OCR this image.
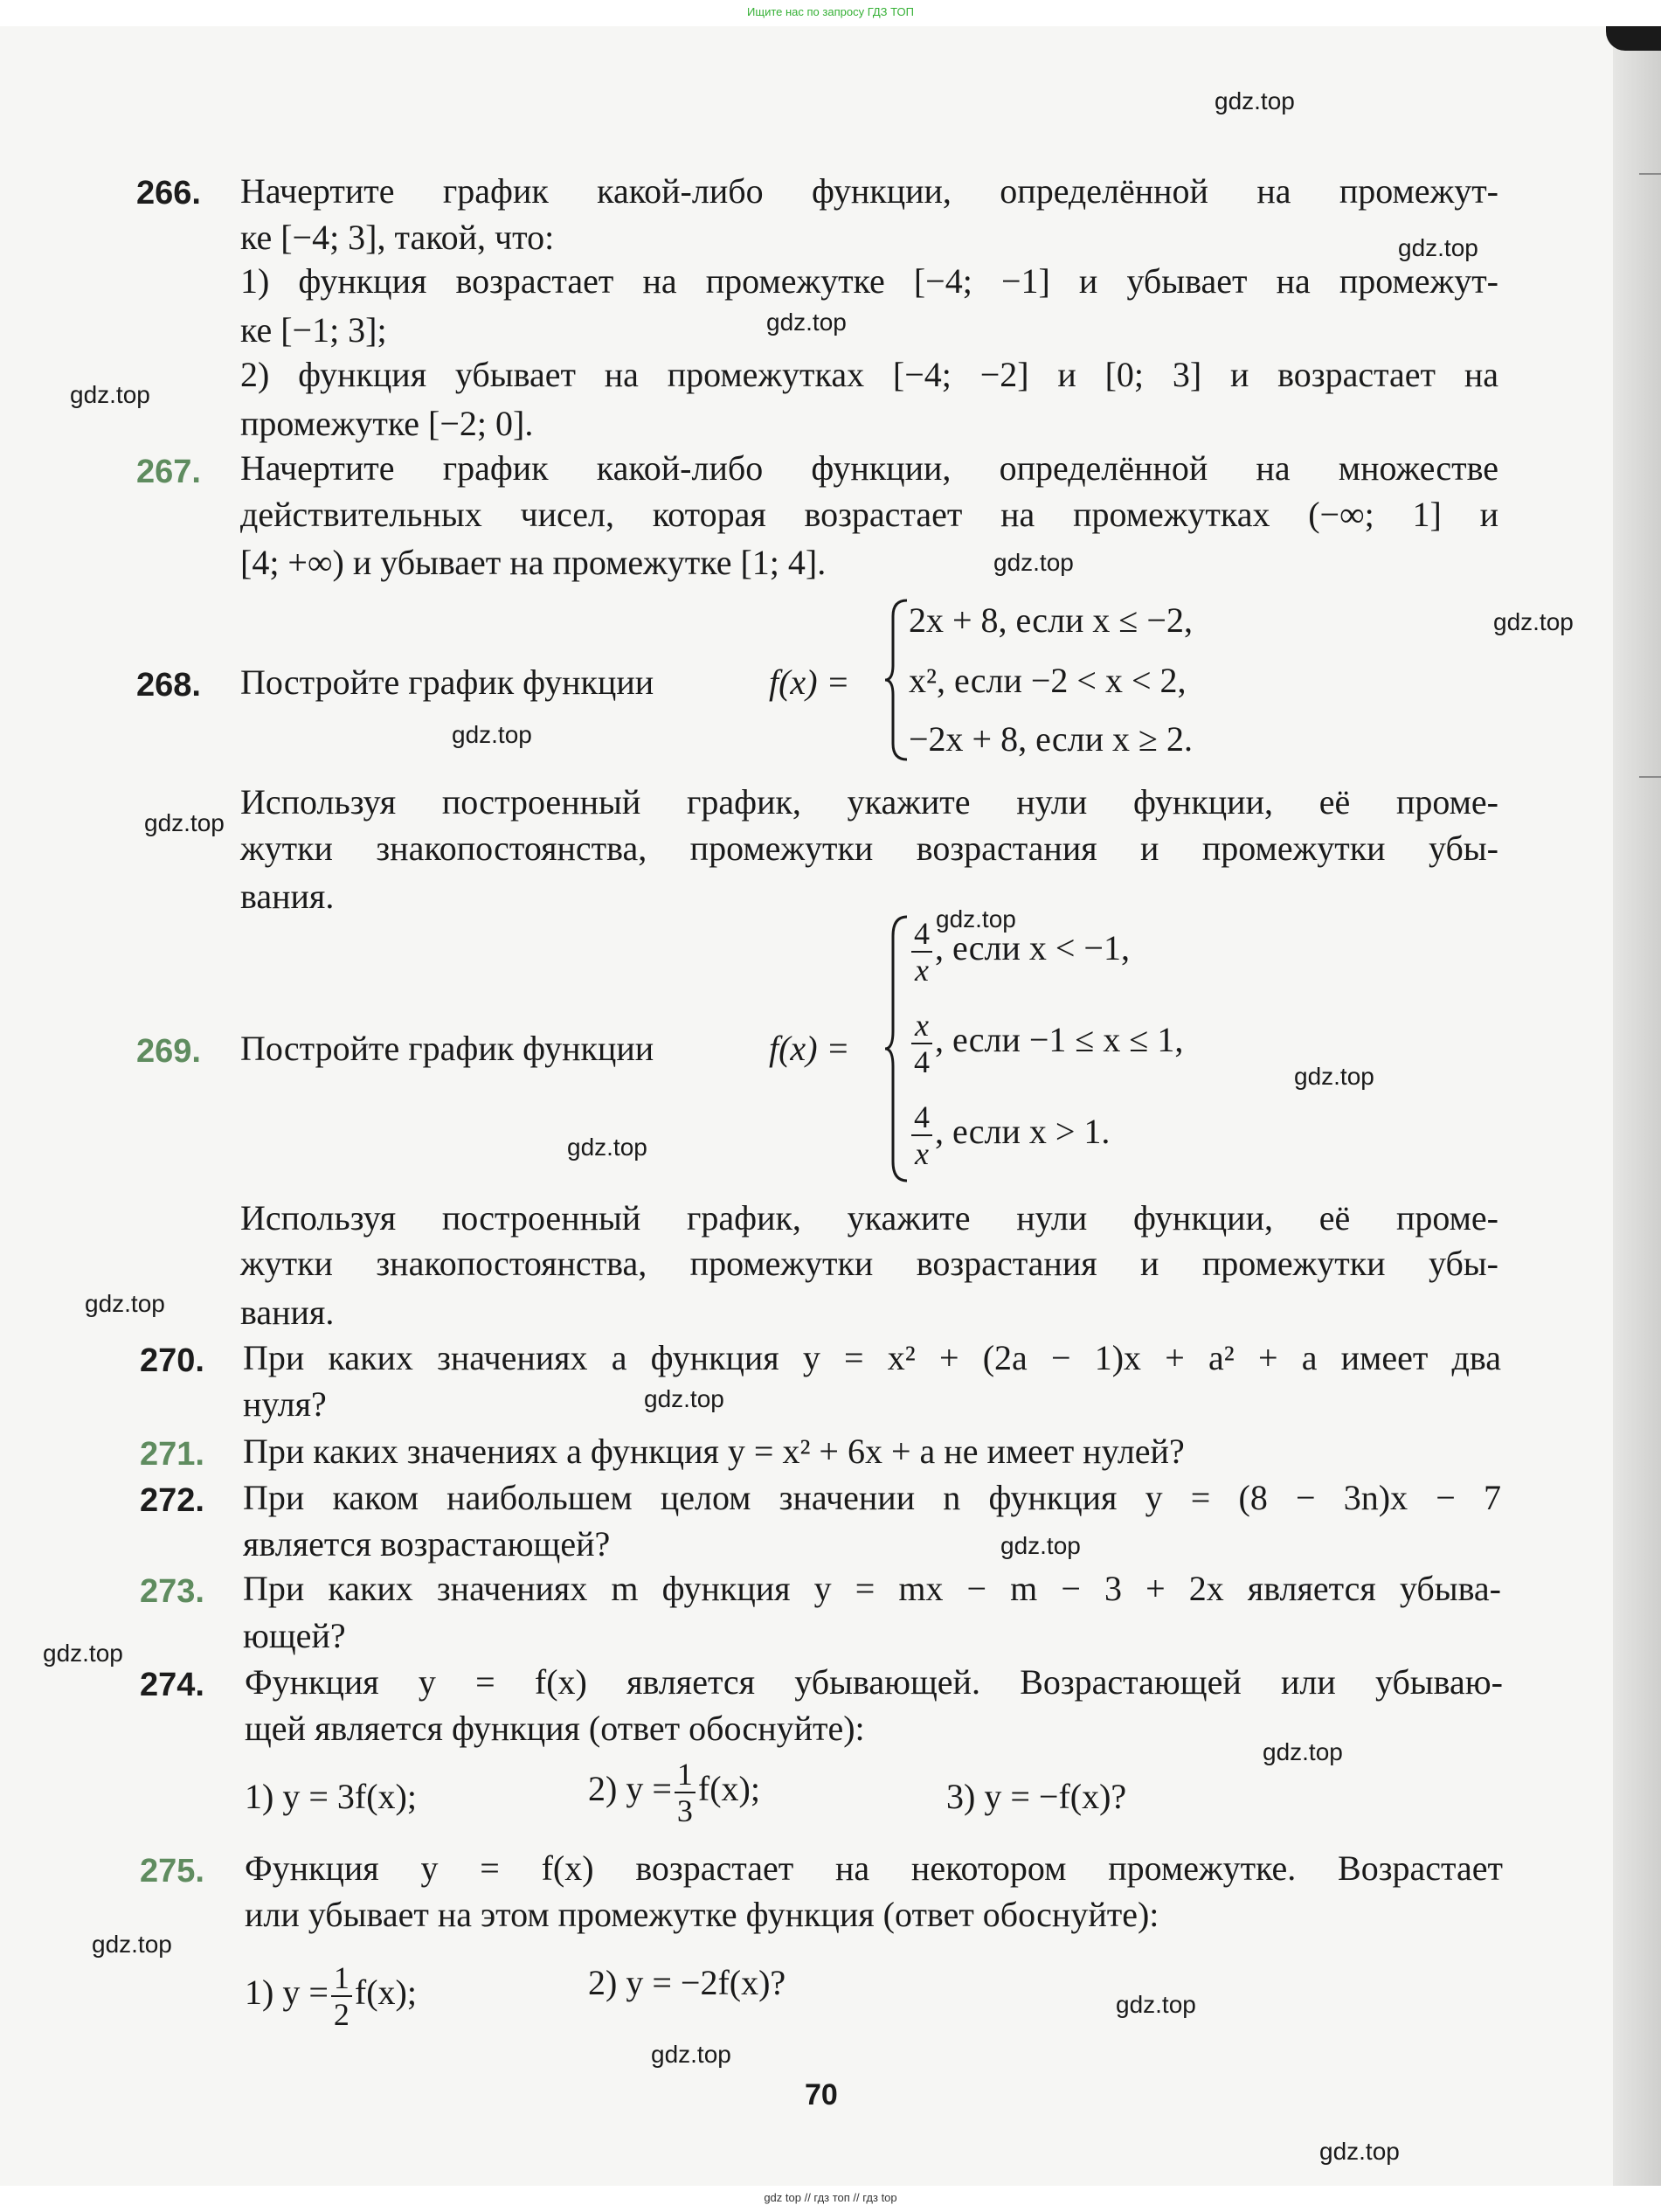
Ищите нас по запросу ГДЗ ТОП
gdz.top
gdz.top
gdz.top
gdz.top
gdz.top
gdz.top
gdz.top
gdz.top
gdz.top
gdz.top
gdz.top
gdz.top
gdz.top
gdz.top
gdz.top
gdz.top
gdz.top
gdz.top
gdz.top
gdz.top
266. Начертите график какой-либо функции, определённой на промежут-
ке [−4; 3], такой, что:
1) функция возрастает на промежутке [−4; −1] и убывает на промежут-
ке [−1; 3];
2) функция убывает на промежутках [−4; −2] и [0; 3] и возрастает на
промежутке [−2; 0].
267. Начертите график какой-либо функции, определённой на множестве
действительных чисел, которая возрастает на промежутках (−∞; 1] и
[4; +∞) и убывает на промежутке [1; 4].
268. Постройте график функции	f(x) =
2x + 8, если x ≤ −2,
x², если −2 < x < 2,
−2x + 8, если x ≥ 2.
Используя построенный график, укажите нули функции, её проме-
жутки знакопостоянства, промежутки возрастания и промежутки убы-
вания.
269. Постройте график функции	f(x) =
$\frac{4}{x}$ , если x < −1,
$\frac{x}{4}$ , если −1 ≤ x ≤ 1,
$\frac{4}{x}$ , если x > 1.
Используя построенный график, укажите нули функции, её проме-
жутки знакопостоянства, промежутки возрастания и промежутки убы-
вания.
270. При каких значениях a функция y = x² + (2a − 1)x + a² + a имеет два
нуля?
271. При каких значениях a функция y = x² + 6x + a не имеет нулей?
272. При каком наибольшем целом значении n функция y = (8 − 3n)x − 7
является возрастающей?
273. При каких значениях m функция y = mx − m − 3 + 2x является убыва-
ющей?
274. Функция y = f(x) является убывающей. Возрастающей или убываю-
щей является функция (ответ обоснуйте):
1) y = 3f(x);	2) $y = \frac{1}{3} f(x)$;	3) y = −f(x)?
275. Функция y = f(x) возрастает на некотором промежутке. Возрастает
или убывает на этом промежутке функция (ответ обоснуйте):
1) $y = \frac{1}{2} f(x)$;	2) y = −2f(x)?
70
gdz top // гдз топ // гдз top
